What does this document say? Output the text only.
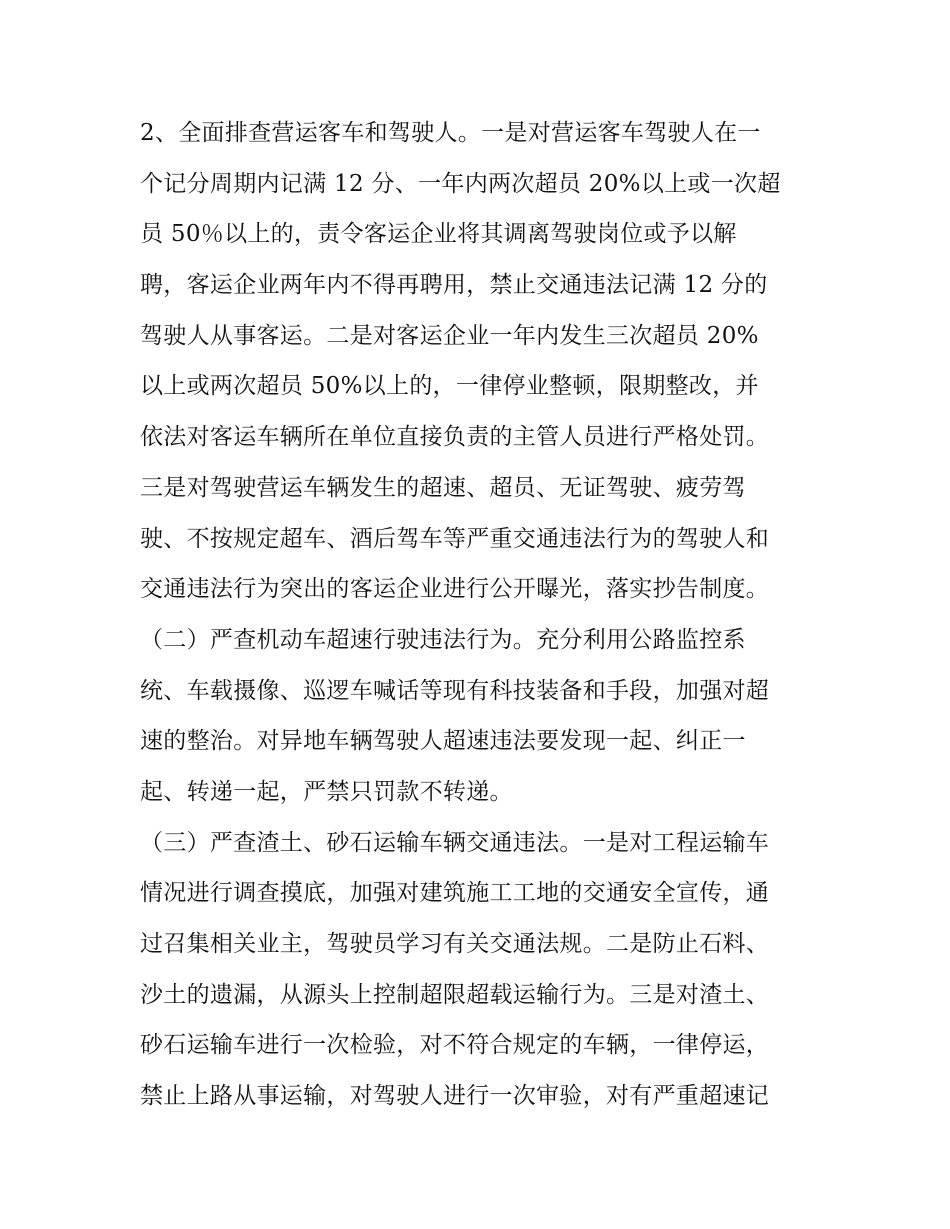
2、全面排查营运客车和驾驶人。一是对营运客车驾驶人在一
个记分周期内记满 12 分、一年内两次超员 20%以上或一次超
员 50％以上的，责令客运企业将其调离驾驶岗位或予以解
聘，客运企业两年内不得再聘用，禁止交通违法记满 12 分的
驾驶人从事客运。二是对客运企业一年内发生三次超员 20%
以上或两次超员 50%以上的，一律停业整顿，限期整改，并
依法对客运车辆所在单位直接负责的主管人员进行严格处罚。
三是对驾驶营运车辆发生的超速、超员、无证驾驶、疲劳驾
驶、不按规定超车、酒后驾车等严重交通违法行为的驾驶人和
交通违法行为突出的客运企业进行公开曝光，落实抄告制度。
（二）严查机动车超速行驶违法行为。充分利用公路监控系
统、车载摄像、巡逻车喊话等现有科技装备和手段，加强对超
速的整治。对异地车辆驾驶人超速违法要发现一起、纠正一
起、转递一起，严禁只罚款不转递。
（三）严查渣土、砂石运输车辆交通违法。一是对工程运输车
情况进行调查摸底，加强对建筑施工工地的交通安全宣传，通
过召集相关业主，驾驶员学习有关交通法规。二是防止石料、
沙土的遗漏，从源头上控制超限超载运输行为。三是对渣土、
砂石运输车进行一次检验，对不符合规定的车辆，一律停运，
禁止上路从事运输，对驾驶人进行一次审验，对有严重超速记
